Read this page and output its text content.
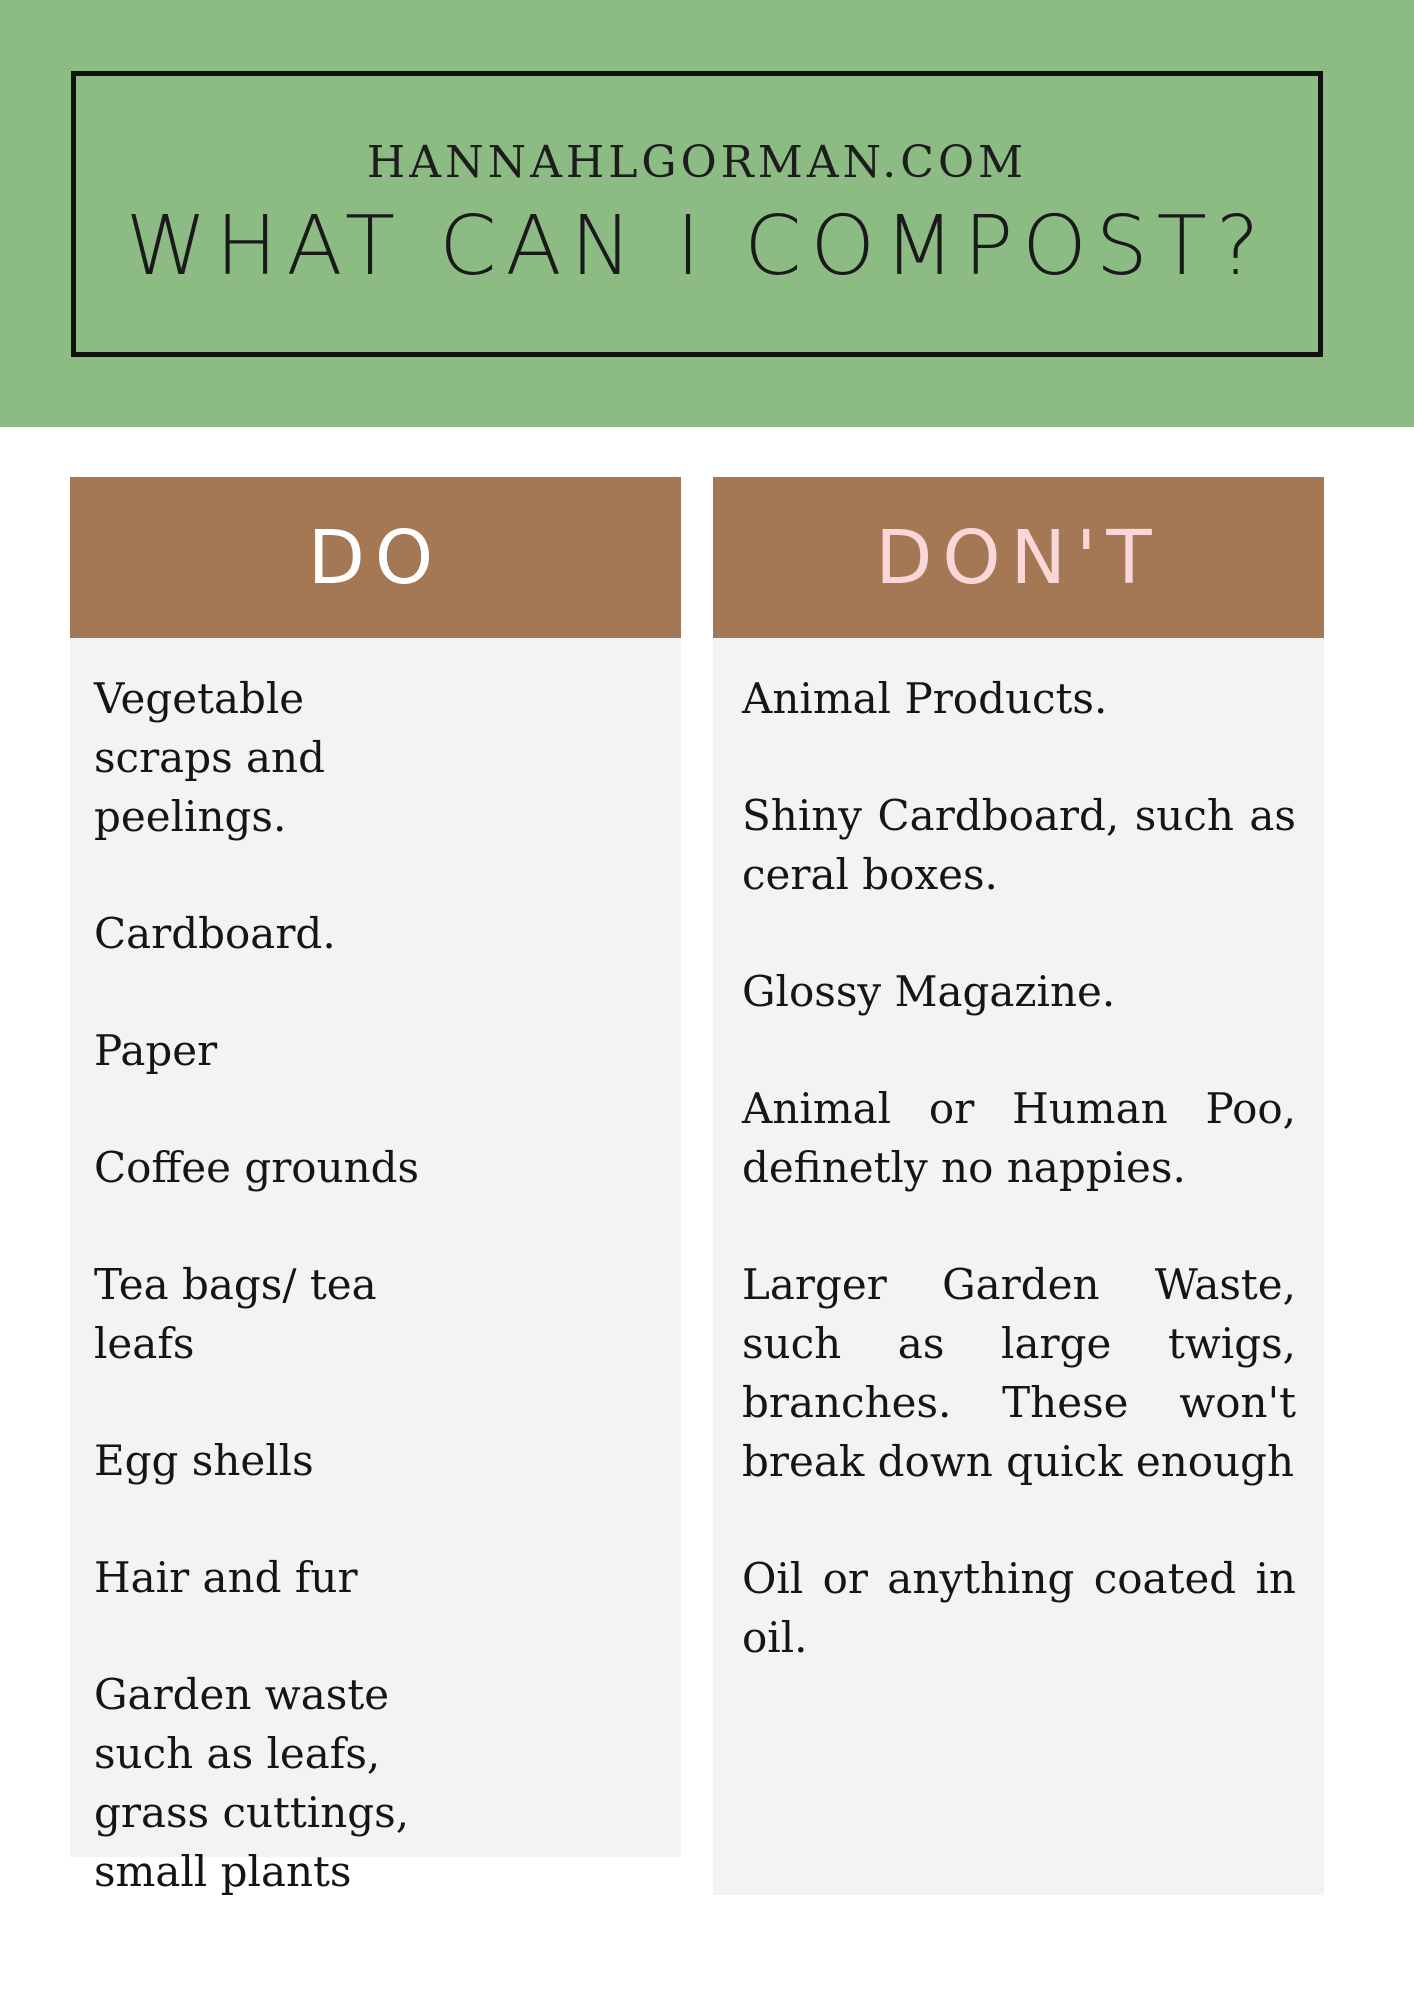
HANNAHLGORMAN.COM
WHAT CAN I COMPOST?
DO

Vegetable scraps and peelings.

Cardboard.

Paper

Coffee grounds

Tea bags/ tea leafs

Egg shells

Hair and fur

Garden waste such as leafs, grass cuttings, small plants

DON'T

Animal Products.

Shiny Cardboard, such as ceral boxes.

Glossy Magazine.

Animal or Human Poo, definetly no nappies.

Larger Garden Waste, such as large twigs, branches. These won't break down quick enough

Oil or anything coated in oil.
